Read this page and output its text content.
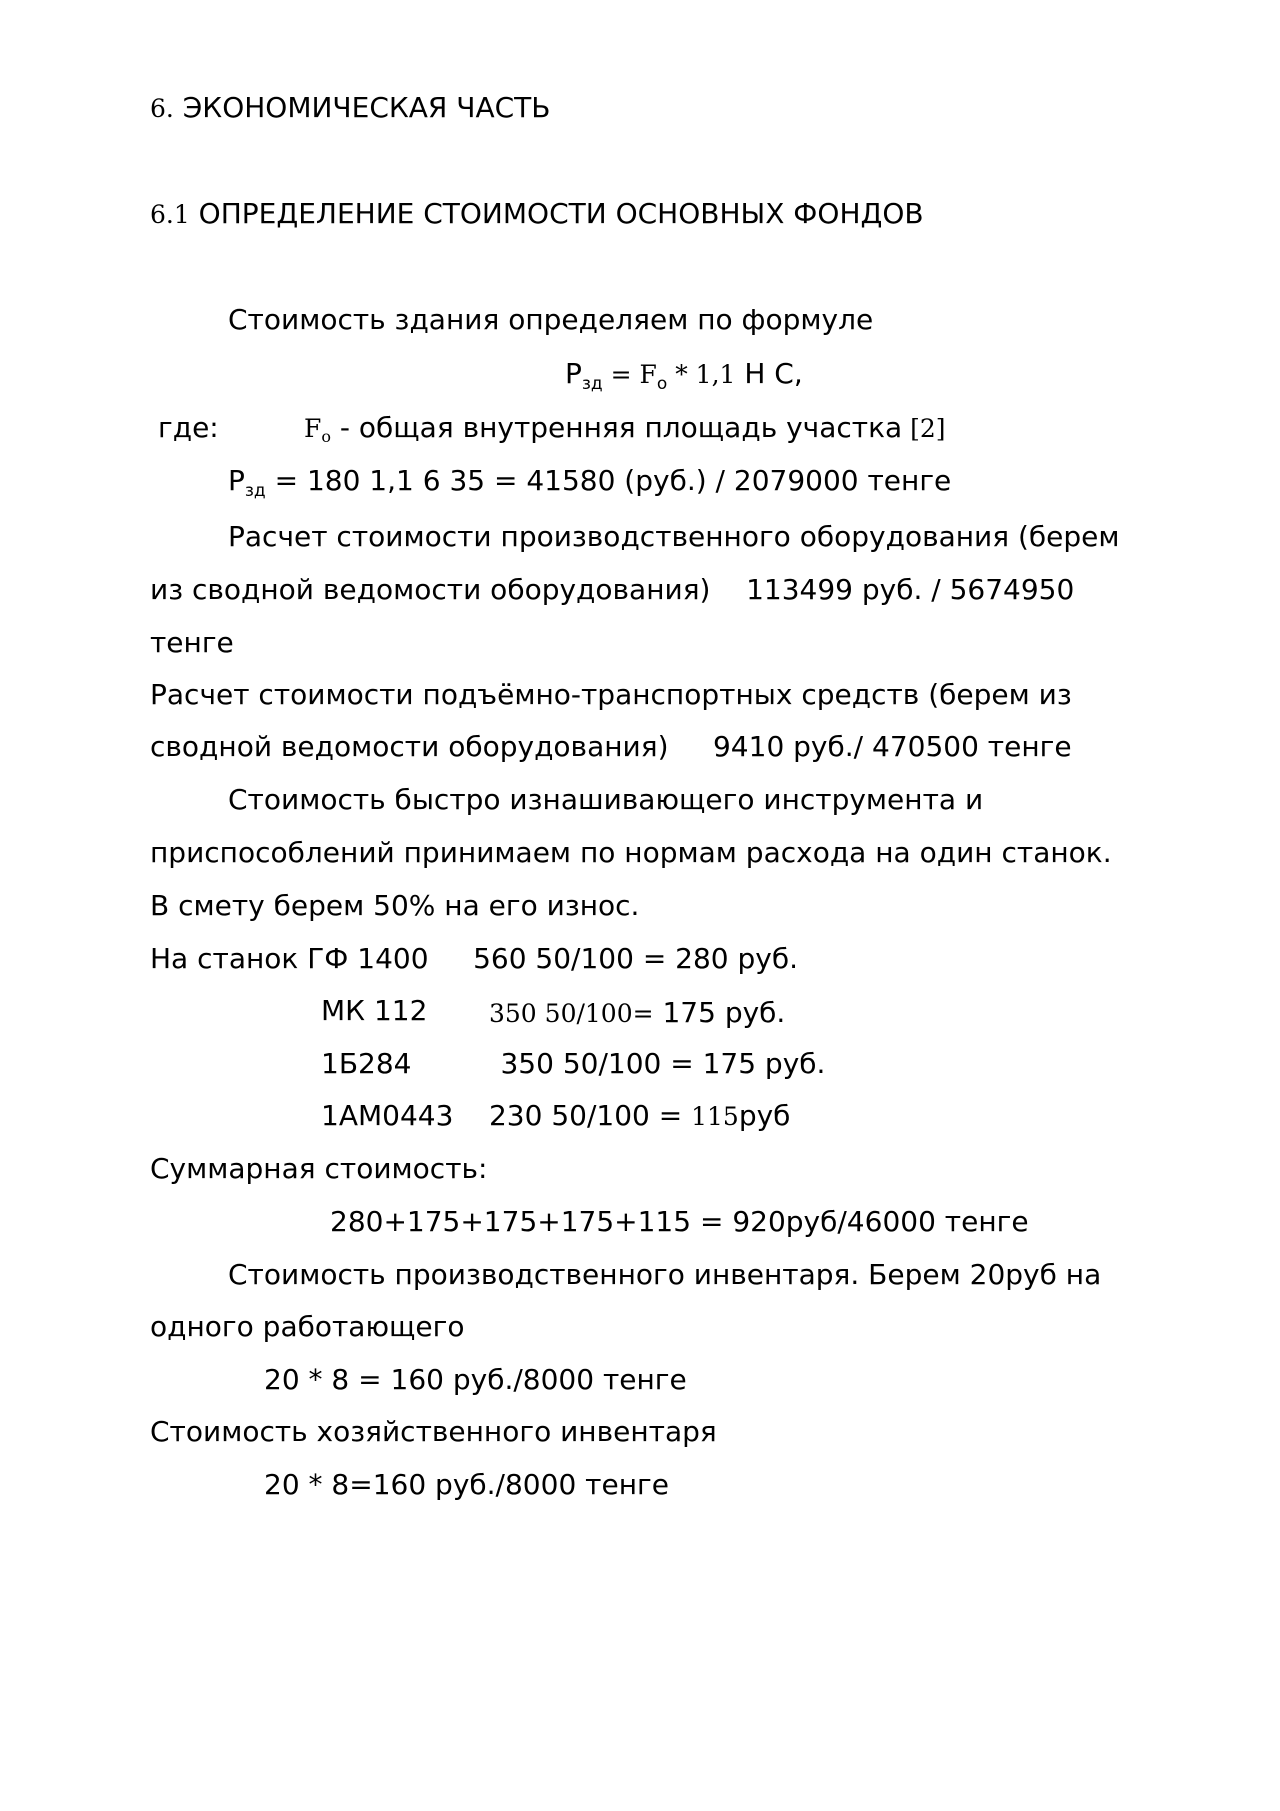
6. ЭКОНОМИЧЕСКАЯ ЧАСТЬ
6.1 ОПРЕДЕЛЕНИЕ СТОИМОСТИ ОСНОВНЫХ ФОНДОВ
Стоимость здания определяем по формуле
$Р_{зд} = F_о * 1,1$ Н С,
где:	Fо - общая внутренняя площадь участка [2]
$Р_{зд} = 180$ 1,1 6 35 = 41580 (руб.) / 2079000 тенге
Расчет стоимости производственного оборудования (берем
из сводной ведомости оборудования)    113499 руб. / 5674950
тенге
Расчет стоимости подъёмно-транспортных средств (берем из
сводной ведомости оборудования)     9410 руб./ 470500 тенге
Стоимость быстро изнашивающего инструмента и
приспособлений принимаем по нормам расхода на один станок.
В смету берем 50% на его износ.
На станок ГФ 1400     560 50/100 = 280 руб.
МК 112 350 50/100= 175 руб.
1Б284          350 50/100 = 175 руб.
1АМ0443    230 50/100 = 115руб
Суммарная стоимость:
280+175+175+175+115 = 920руб/46000 тенге
Стоимость производственного инвентаря. Берем 20руб на
одного работающего
20 * 8 = 160 руб./8000 тенге
Стоимость хозяйственного инвентаря
20 * 8=160 руб./8000 тенге
